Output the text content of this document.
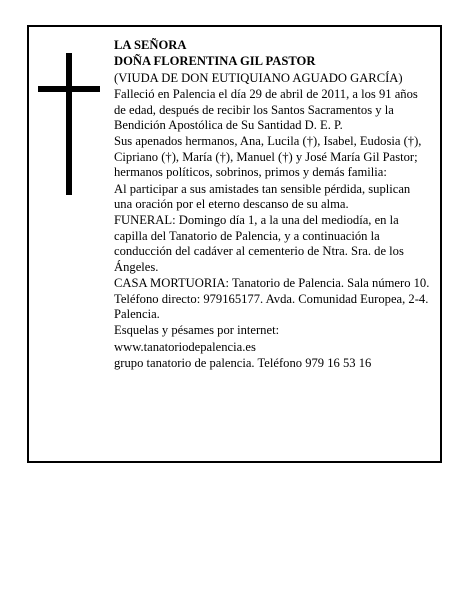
LA SEÑORA

DOÑA FLORENTINA GIL PASTOR

(VIUDA DE DON EUTIQUIANO AGUADO GARCÍA)

Falleció en Palencia el día 29 de abril de 2011, a los 91 años de edad, después de recibir los Santos Sacramentos y la Bendición Apostólica de Su Santidad D. E. P.

Sus apenados hermanos, Ana, Lucila (†), Isabel, Eudosia (†), Cipriano (†), María (†), Manuel (†) y José María Gil Pastor; hermanos políticos, sobrinos, primos y demás familia:

Al participar a sus amistades tan sensible pérdida, suplican una oración por el eterno descanso de su alma.

FUNERAL: Domingo día 1, a la una del mediodía, en la capilla del Tanatorio de Palencia, y a continuación la conducción del cadáver al cementerio de Ntra. Sra. de los Ángeles.

CASA MORTUORIA: Tanatorio de Palencia. Sala número 10. Teléfono directo: 979165177. Avda. Comunidad Europea, 2-4. Palencia.

Esquelas y pésames por internet:

www.tanatoriodepalencia.es

grupo tanatorio de palencia. Teléfono 979 16 53 16
